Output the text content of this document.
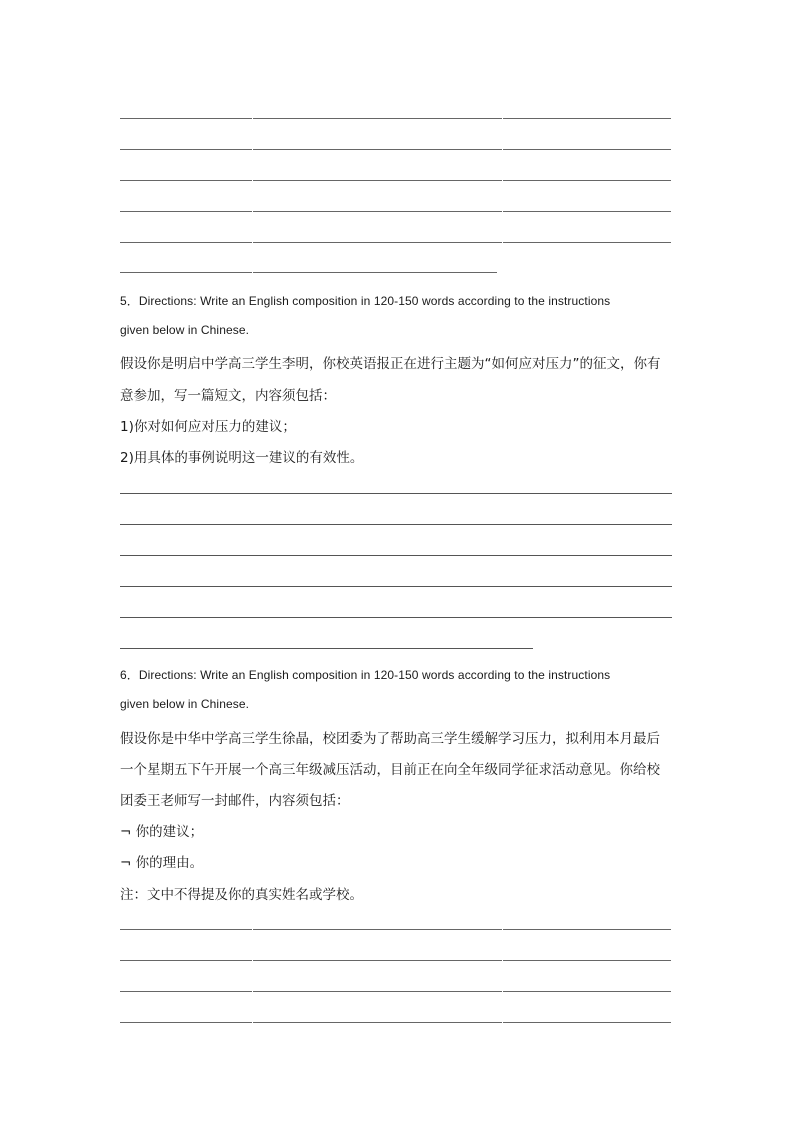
5．Directions: Write an English composition in 120-150 words according to the instructions

given below in Chinese.

假设你是明启中学高三学生李明，你校英语报正在进行主题为“如何应对压力”的征文，你有

意参加，写一篇短文，内容须包括：

1)你对如何应对压力的建议；

2)用具体的事例说明这一建议的有效性。

6．Directions: Write an English composition in 120-150 words according to the instructions

given below in Chinese.

假设你是中华中学高三学生徐晶，校团委为了帮助高三学生缓解学习压力，拟利用本月最后

一个星期五下午开展一个高三年级减压活动，目前正在向全年级同学征求活动意见。你给校

团委王老师写一封邮件，内容须包括：

¬ 你的建议；

¬ 你的理由。

注：文中不得提及你的真实姓名或学校。
